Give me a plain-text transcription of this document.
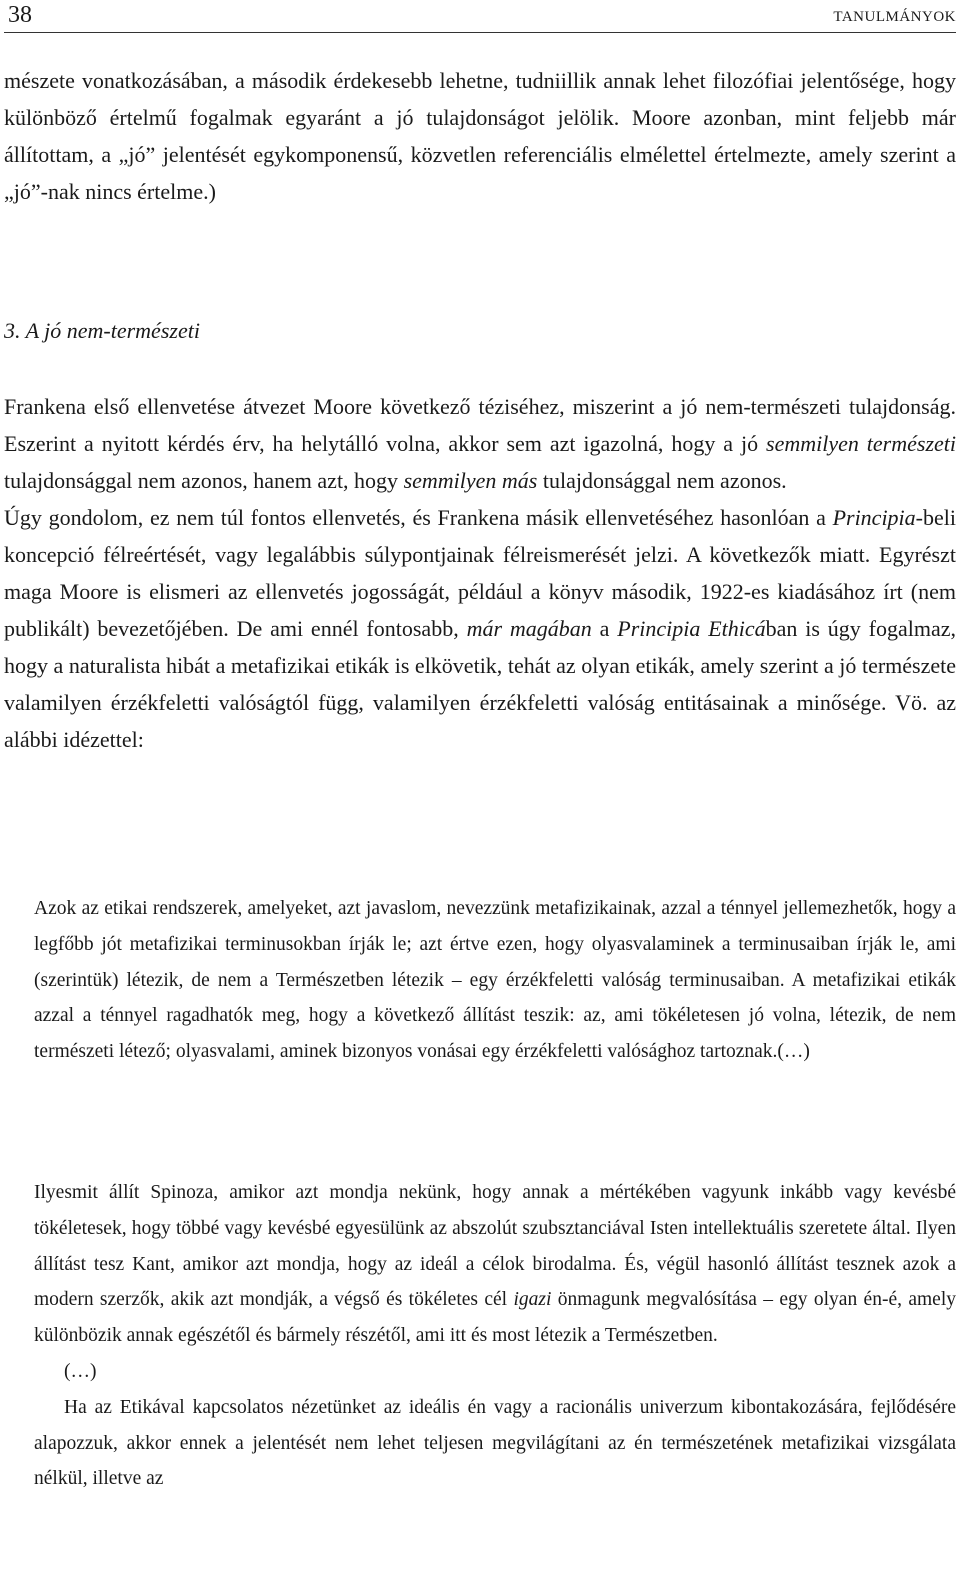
38	TANULMÁNYOK

mészete vonatkozásában, a második érdekesebb lehetne, tudniillik annak lehet filozófiai jelentősége, hogy különböző értelmű fogalmak egyaránt a jó tulajdonságot jelölik. Moore azonban, mint feljebb már állítottam, a „jó” jelentését egykomponensű, közvetlen referenciális elmélettel értelmezte, amely szerint a „jó”-nak nincs értelme.)

3. A jó nem-természeti

Frankena első ellenvetése átvezet Moore következő téziséhez, miszerint a jó nem-természeti tulajdonság. Eszerint a nyitott kérdés érv, ha helytálló volna, akkor sem azt igazolná, hogy a jó semmilyen természeti tulajdonsággal nem azonos, hanem azt, hogy semmilyen más tulajdonsággal nem azonos.

Úgy gondolom, ez nem túl fontos ellenvetés, és Frankena másik ellenvetéséhez hasonlóan a Principia-beli koncepció félreértését, vagy legalábbis súlypontjainak félreismerését jelzi. A következők miatt. Egyrészt maga Moore is elismeri az ellenvetés jogosságát, például a könyv második, 1922-es kiadásához írt (nem publikált) bevezetőjében. De ami ennél fontosabb, már magában a Principia Ethicában is úgy fogalmaz, hogy a naturalista hibát a metafizikai etikák is elkövetik, tehát az olyan etikák, amely szerint a jó természete valamilyen érzékfeletti valóságtól függ, valamilyen érzékfeletti valóság entitásainak a minősége. Vö. az alábbi idézettel:

Azok az etikai rendszerek, amelyeket, azt javaslom, nevezzünk metafizikainak, azzal a ténnyel jellemezhetők, hogy a legfőbb jót metafizikai terminusokban írják le; azt értve ezen, hogy olyasvalaminek a terminusaiban írják le, ami (szerintük) létezik, de nem a Természetben létezik – egy érzékfeletti valóság terminusaiban. A metafizikai etikák azzal a ténnyel ragadhatók meg, hogy a következő állítást teszik: az, ami tökéletesen jó volna, létezik, de nem természeti létező; olyasvalami, aminek bizonyos vonásai egy érzékfeletti valósághoz tartoznak.(…)

Ilyesmit állít Spinoza, amikor azt mondja nekünk, hogy annak a mértékében vagyunk inkább vagy kevésbé tökéletesek, hogy többé vagy kevésbé egyesülünk az abszolút szubsztanciával Isten intellektuális szeretete által. Ilyen állítást tesz Kant, amikor azt mondja, hogy az ideál a célok birodalma. És, végül hasonló állítást tesznek azok a modern szerzők, akik azt mondják, a végső és tökéletes cél igazi önmagunk megvalósítása – egy olyan én-é, amely különbözik annak egészétől és bármely részétől, ami itt és most létezik a Természetben.

(…)

Ha az Etikával kapcsolatos nézetünket az ideális én vagy a racionális univerzum kibontakozására, fejlődésére alapozzuk, akkor ennek a jelentését nem lehet teljesen megvilágítani az én természetének metafizikai vizsgálata nélkül, illetve az
